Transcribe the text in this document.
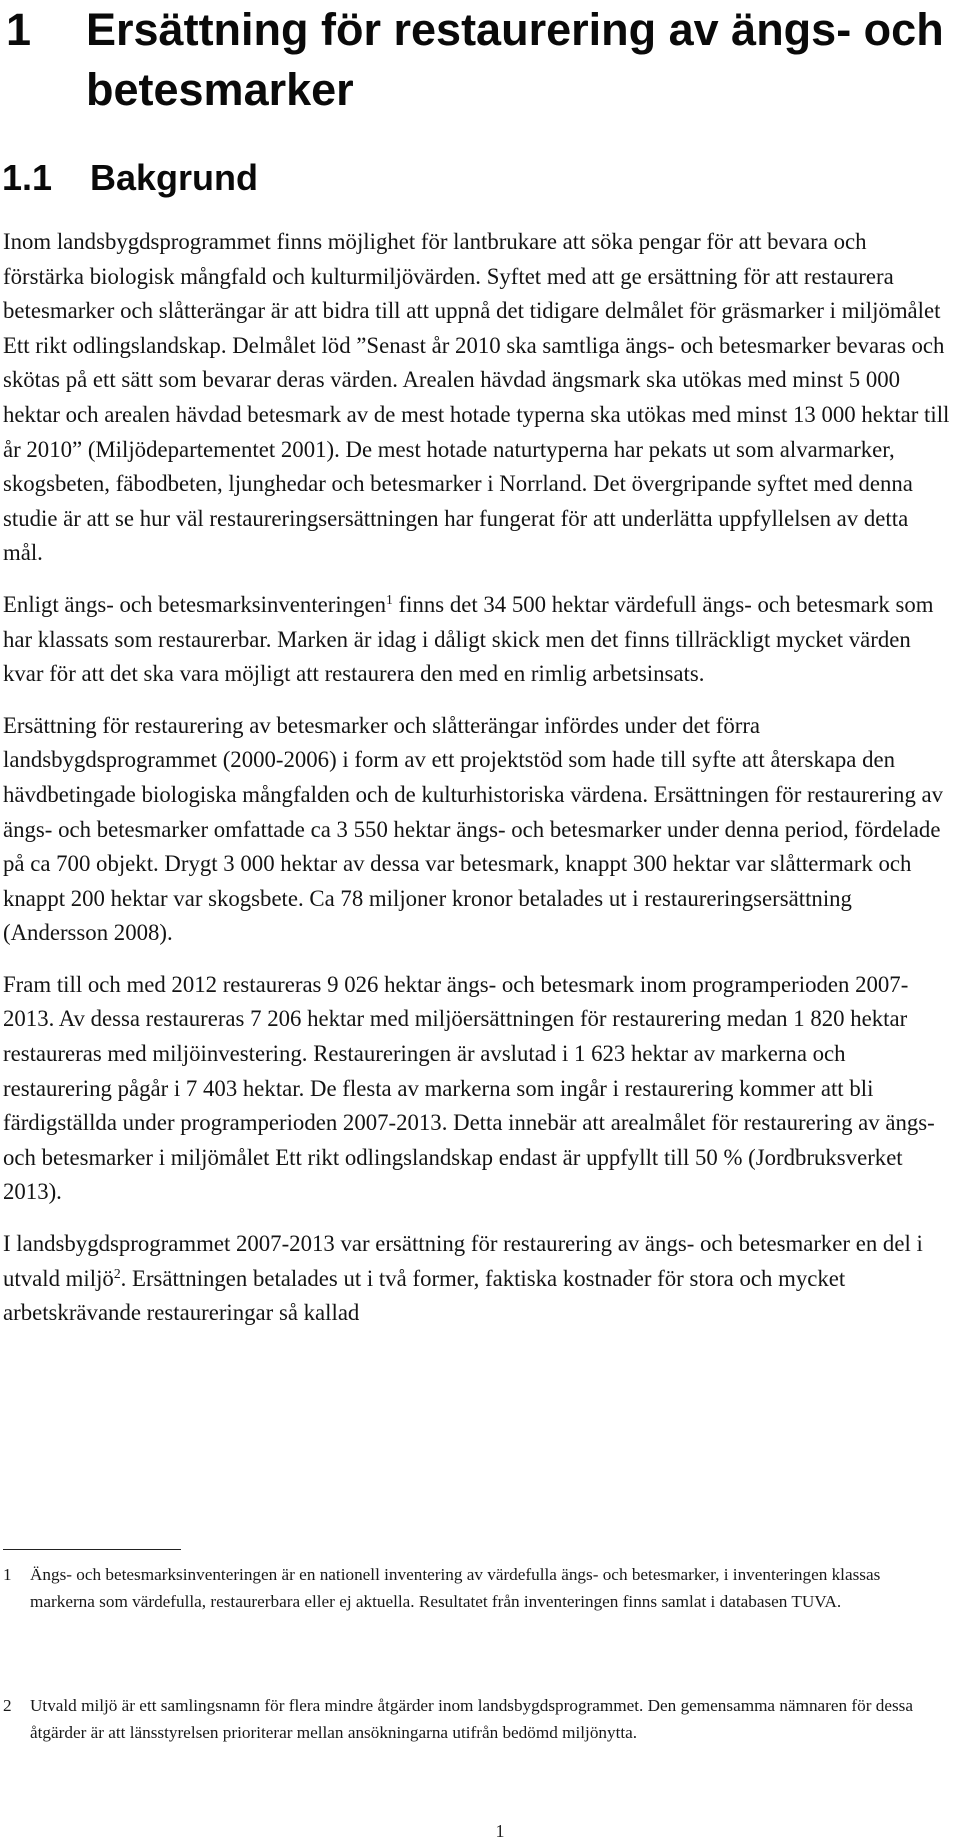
1 Ersättning för restaurering av ängs- och betesmarker
1.1 Bakgrund

Inom landsbygdsprogrammet finns möjlighet för lantbrukare att söka pengar för att bevara och förstärka biologisk mångfald och kulturmiljövärden. Syftet med att ge ersättning för att restaurera betesmarker och slåtterängar är att bidra till att uppnå det tidigare delmålet för gräsmarker i miljömålet Ett rikt odlingslandskap. Delmålet löd ”Senast år 2010 ska samtliga ängs- och betesmarker bevaras och skötas på ett sätt som bevarar deras värden. Arealen hävdad ängsmark ska utökas med minst 5 000 hektar och arealen hävdad betesmark av de mest hotade typerna ska utökas med minst 13 000 hektar till år 2010” (Miljödepartementet 2001). De mest hotade naturtyperna har pekats ut som alvarmarker, skogsbeten, fäbodbeten, ljunghedar och betesmarker i Norrland. Det övergripande syftet med denna studie är att se hur väl restaureringsersättningen har fungerat för att underlätta uppfyllelsen av detta mål.

Enligt ängs- och betesmarksinventeringen$^1$ finns det 34 500 hektar värdefull ängs- och betesmark som har klassats som restaurerbar. Marken är idag i dåligt skick men det finns tillräckligt mycket värden kvar för att det ska vara möjligt att restaurera den med en rimlig arbetsinsats.

Ersättning för restaurering av betesmarker och slåtterängar infördes under det förra landsbygdsprogrammet (2000-2006) i form av ett projektstöd som hade till syfte att återskapa den hävdbetingade biologiska mångfalden och de kulturhistoriska värdena. Ersättningen för restaurering av ängs- och betesmarker omfattade ca 3 550 hektar ängs- och betesmarker under denna period, fördelade på ca 700 objekt. Drygt 3 000 hektar av dessa var betesmark, knappt 300 hektar var slåttermark och knappt 200 hektar var skogsbete. Ca 78 miljoner kronor betalades ut i restaureringsersättning (Andersson 2008).

Fram till och med 2012 restaureras 9 026 hektar ängs- och betesmark inom programperioden 2007-2013. Av dessa restaureras 7 206 hektar med miljöersättningen för restaurering medan 1 820 hektar restaureras med miljöinvestering. Restaureringen är avslutad i 1 623 hektar av markerna och restaurering pågår i 7 403 hektar. De flesta av markerna som ingår i restaurering kommer att bli färdigställda under programperioden 2007-2013. Detta innebär att arealmålet för restaurering av ängs- och betesmarker i miljömålet Ett rikt odlingslandskap endast är uppfyllt till 50 % (Jordbruksverket 2013).

I landsbygdsprogrammet 2007-2013 var ersättning för restaurering av ängs- och betesmarker en del i utvald miljö$^2$. Ersättningen betalades ut i två former, faktiska kostnader för stora och mycket arbetskrävande restaureringar så kallad

1	Ängs- och betesmarksinventeringen är en nationell inventering av värdefulla ängs- och betesmarker, i inventeringen klassas markerna som värdefulla, restaurerbara eller ej aktuella. Resultatet från inventeringen finns samlat i databasen TUVA.
2	Utvald miljö är ett samlingsnamn för flera mindre åtgärder inom landsbygdsprogrammet. Den gemensamma nämnaren för dessa åtgärder är att länsstyrelsen prioriterar mellan ansökningarna utifrån bedömd miljönytta.
1
